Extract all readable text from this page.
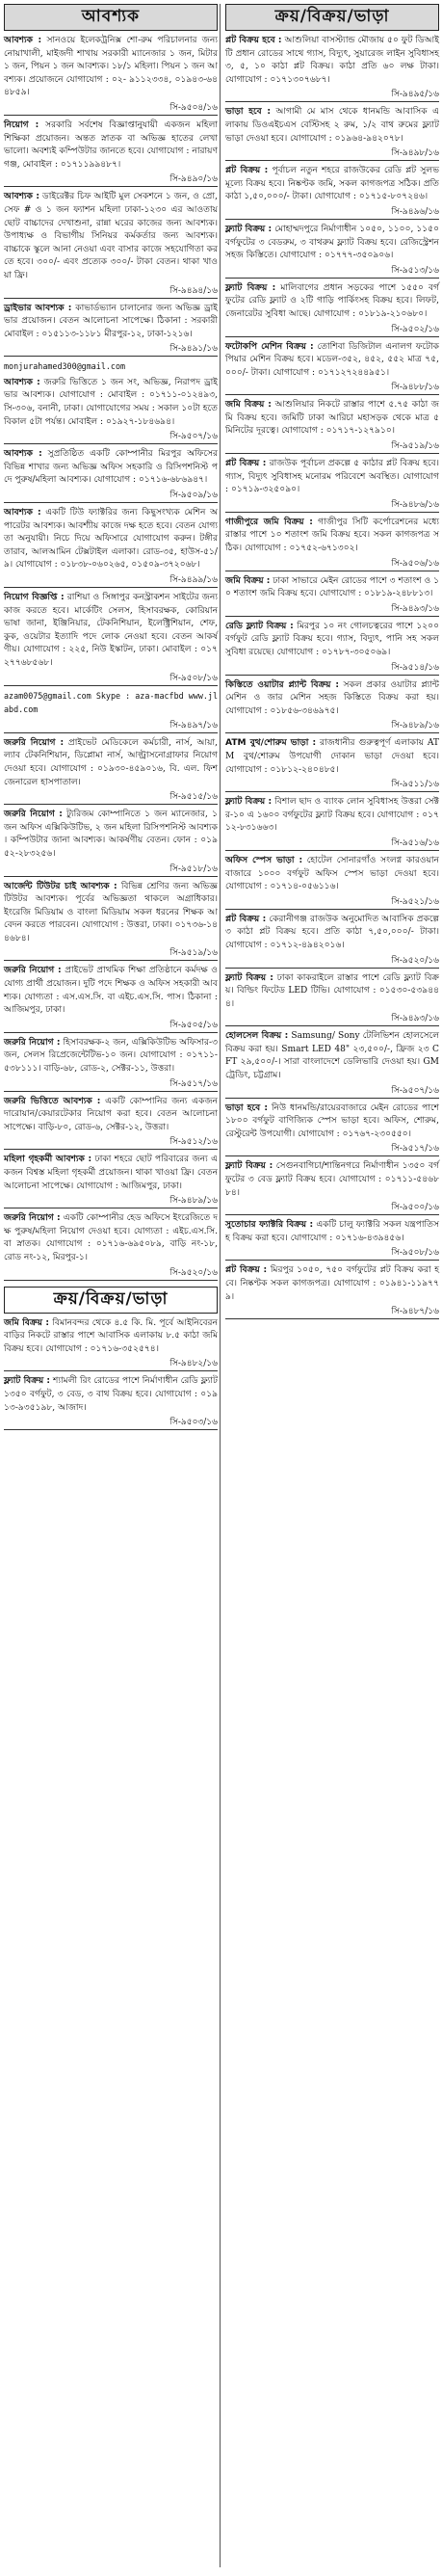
আবশ্যক

আবশ্যক : সানওয়ে ইলেকট্রনিক্স শো-রুম পরিচালনার জন্য নোয়াখালী, মাইজদী শাখায় সরকারী ম্যানেজার ১ জন, মিটার ১ জন, পিয়ন ১ জন আবশ্যক। ১৮/১ মহিলা। পিয়ন ১ জন আবশ্যক। প্রয়োজনে যোগাযোগ : ০২- ৯১১২৩৩৪, ০১৯৪৩-৬৪৪৮৫৯।

সি-৯৫০৪/১৬

নিয়োগ : সরকারি সর্বশেষ বিজ্ঞাপ্তানুযায়ী একজন মহিলা শিক্ষিকা প্রয়োজন। অন্তত স্নাতক বা অভিজ্ঞ হাতের লেখা ভালো। অবশ্যই কম্পিউটার জানতে হবে। যোগাযোগ : নারায়ণগঞ্জ, মোবাইল : ০১৭১১৯৯৪৮৭।

সি-৯৪৯০/১৬

আবশ্যক : ডাইরেক্টর চিফ আইটি মুল সেকশনে ১ জন, ও প্রো, সেফ # ও ১ জন ফ্যাশন মহিলা ঢাকা-১২৩০ এর আওতায় ছোট বাচ্চাদের দেখাশুনা, রান্না ঘরের কাজের জন্য আবশ্যক। উপাধ্যক্ষ ও বিভাগীয় সিনিয়র কর্মকর্তার জন্য আবশ্যক। বাচ্চাকে স্কুলে আনা নেওয়া এবং বাসার কাজে সহযোগিতা করতে হবে। ৩০০/- এবং প্রত্যেক ৩০০/- টাকা বেতন। থাকা খাওয়া ফ্রি।

সি-৯৪৯৪/১৬

ড্রাইভার আবশ্যক : কাভার্ডভ্যান চালানোর জন্য অভিজ্ঞ ড্রাইভার প্রয়োজন। বেতন আলোচনা সাপেক্ষে। ঠিকানা : সরকারী মোবাইল : ০১৫১১৩-১১৮১ মীরপুর-১২, ঢাকা-১২১৬।

সি-৯৪৯১/১৬

monjurahamed300@gmail.com

আবশ্যক : জরুরি ভিত্তিতে ১ জন সং, অভিজ্ঞ, নিরাপদ ড্রাইভার আবশ্যক। যোগাযোগ : মোবাইল : ০১৭১১-০১২৪৯৩, সি-৩০৬, বনানী, ঢাকা। যোগাযোগের সময় : সকাল ১০টা হতে বিকাল ৫টা পর্যন্ত। মোবাইল : ০১৯২৭-১৮৪৬৯৪।

সি-৯৫০৭/১৬

আবশ্যক : সুপ্রতিষ্ঠিত একটি কোম্পানীর মিরপুর অফিসের বিভিন্ন শাখার জন্য অভিজ্ঞ অফিস সহকারি ও রিসিপশনিস্ট পদে পুরুষ/মহিলা আবশ্যক। যোগাযোগ : ০১৭১৬-৬৮৬৯৪৭।

সি-৯৫০৯/১৬

আবশ্যক : একটি টিউ ফ্যাক্টরির জন্য কিছুসংখ্যক মেশিন অপারেটর আবশ্যক। আবশ্যীয় কাজে দক্ষ হতে হবে। বেতন যোগ্যতা অনুযায়ী। নিচে দিয়ে অফিসারে যোগাযোগ করুন। টঙ্গীর তারাব, আলআমিন টেক্সটাইল এলাকা। রোড-৩৫, হাউস-৫১/৯। যোগাযোগ : ০১৮৩৮-০৬০২৬৫, ০১৫০৯-৩৭২০৬৮।

সি-৯৪৯৯/১৬

নিয়োগ বিজ্ঞপ্তি : রাশিয়া ও সিঙ্গাপুর কনস্ট্রাকশন সাইটের জন্য কাজ করতে হবে। মার্কেটিং সেলস, হিসাবরক্ষক, কোরিয়ান ভাষা জানা, ইঞ্জিনিয়ার, টেকনিশিয়ান, ইলেক্ট্রিশিয়ান, শেফ, কুক, ওয়েটার ইত্যাদি পদে লোক নেওয়া হবে। বেতন আকর্ষণীয়। যোগাযোগ : ২২৫, নিউ ইস্কাটন, ঢাকা। মোবাইল : ০১৭২৭৭৬৮৫৬৮।

সি-৯৫০৮/১৬

azam0075@gmail.com Skype : aza-macfbd www.jlabd.com

সি-৯৪৯৭/১৬

জরুরি নিয়োগ : প্রাইভেট মেডিকেলে কর্মচারী, নার্স, আয়া, ল্যাব টেকনিশিয়ান, ডিপ্লোমা নার্স, আল্ট্রাসনোগ্রাফার নিয়োগ দেওয়া হবে। যোগাযোগ : ০১৯৩০-৪৫৯০১৬, বি. এল. ফিশ জেনারেল হাসপাতাল।

সি-৯৫১৫/১৬

জরুরি নিয়োগ : ট্যুরিজম কোম্পানিতে ১ জন ম্যানেজার, ১ জন অফিস এক্সিকিউটিভ, ২ জন মহিলা রিসিপশনিস্ট আবশ্যক। কম্পিউটার জানা আবশ্যক। আকর্ষণীয় বেতন। ফোন : ০১৯৫২-২৮৩২৫৬।

সি-৯৫১৮/১৬

আর্জেন্ট টিউটর চাই আবশ্যক : বিভিন্ন শ্রেণির জন্য অভিজ্ঞ টিউটর আবশ্যক। পূর্বের অভিজ্ঞতা থাকলে অগ্রাধিকার। ইংরেজি মিডিয়াম ও বাংলা মিডিয়াম সকল ধরনের শিক্ষক আবেদন করতে পারবেন। যোগাযোগ : উত্তরা, ঢাকা। ০১৭৩৬-১৪৪৬৮৪।

সি-৯৫১৯/১৬

জরুরি নিয়োগ : প্রাইভেট প্রাথমিক শিক্ষা প্রতিষ্ঠানে কর্মদক্ষ ও যোগ্য প্রার্থী প্রয়োজন। দুটি পদে শিক্ষক ও অফিস সহকারী আবশ্যক। যোগ্যতা : এস.এস.সি. বা এইচ.এস.সি. পাস। ঠিকানা : আজিমপুর, ঢাকা।

সি-৯৫০৫/১৬

জরুরি নিয়োগ : হিসাবরক্ষক-২ জন, এক্সিকিউটিভ অফিসার-৩ জন, সেলস রিপ্রেজেন্টেটিভ-১০ জন। যোগাযোগ : ০১৭১১-৫৩৮১১১। বাড়ি-৬৮, রোড-২, সেক্টর-১১, উত্তরা।

সি-৯৫১৭/১৬

জরুরি ভিত্তিতে আবশ্যক : একটি কোম্পানির জন্য একজন দারোয়ান/কেয়ারটেকার নিয়োগ করা হবে। বেতন আলোচনা সাপেক্ষে। বাড়ি-৮০, রোড-৬, সেক্টর-১২, উত্তরা।

সি-৯৫১২/১৬

মহিলা গৃহকর্মী আবশ্যক : ঢাকা শহরে ছোট পরিবারের জন্য একজন বিশ্বস্ত মহিলা গৃহকর্মী প্রয়োজন। থাকা খাওয়া ফ্রি। বেতন আলোচনা সাপেক্ষে। যোগাযোগ : আজিমপুর, ঢাকা।

সি-৯৪৮৯/১৬

জরুরি নিয়োগ : একটি কোম্পানীর হেড অফিসে ইংরেজিতে দক্ষ পুরুষ/মহিলা নিয়োগ দেওয়া হবে। যোগ্যতা : এইচ.এস.সি. বা স্নাতক। যোগাযোগ : ০১৭১৬-৬৯৫০৮৯, বাড়ি নং-১৮, রোড নং-১২, মিরপুর-১।

সি-৯৫২০/১৬
ক্রয়/বিক্রয়/ভাড়া

জমি বিক্রয় : বিমানবন্দর থেকে ৪.৫ কি. মি. পূর্বে আইনিবেরন বাড়ির নিকটে রাস্তার পাশে আবাসিক এলাকায় ৮.৫ কাঠা জমি বিক্রয় হবে। যোগাযোগ : ০১৭১৬-৩৫২৫৭৪।

সি-৯৪৮২/১৬

ফ্ল্যাট বিক্রয় : শ্যামলী রিং রোডের পাশে নির্মাণাধীন রেডি ফ্ল্যাট ১৩৫০ বর্গফুট, ৩ বেড, ৩ বাথ বিক্রয় হবে। যোগাযোগ : ০১৯১৩-৯৩৫১৯৮, আজাদ।

সি-৯৫০৩/১৬
ক্রয়/বিক্রয়/ভাড়া

প্লট বিক্রয় হবে : আশুলিয়া বাসস্ট্যান্ড মৌজায় ৫০ ফুট ডিআইটি প্রধান রোডের সাথে গ্যাস, বিদ্যুৎ, সুয়ারেজ লাইন সুবিধাসহ ৩, ৫, ১০ কাঠা প্লট বিক্রয়। কাঠা প্রতি ৬০ লক্ষ টাকা। যোগাযোগ : ০১৭১৩০৭৬৮৭।

সি-৯৪৯৫/১৬

ভাড়া হবে : আগামী মে মাস থেকে ধানমন্ডি আবাসিক এলাকায় ডিওএইচএস বেস্টিসহ ২ রুম, ১/২ বাথ রুমের ফ্ল্যাট ভাড়া দেওয়া হবে। যোগাযোগ : ০১৯৬৪-৯৪২০৭৮।

সি-৯৪৯৮/১৬

প্লট বিক্রয় : পূর্বাচল নতুন শহরে রাজউকের রেডি প্লট সুলভ মূল্যে বিক্রয় হবে। নিষ্কণ্টক জমি, সকল কাগজপত্র সঠিক। প্রতি কাঠা ১,৫০,০০০/- টাকা। যোগাযোগ : ০১৭১৫-৮০৭২৪৬।

সি-৯৪৯৬/১৬

ফ্ল্যাট বিক্রয় : মোহাম্মদপুরে নির্মাণাধীন ১০৫০, ১১০০, ১১৫০ বর্গফুটের ৩ বেডরুম, ৩ বাথরুম ফ্ল্যাট বিক্রয় হবে। রেজিস্ট্রেশন সহজ কিস্তিতে। যোগাযোগ : ০১৭৭৭-৩৫০৯০৬।

সি-৯৫১৩/১৬

ফ্ল্যাট বিক্রয় : মালিবাগের প্রধান সড়কের পাশে ১৫৫০ বর্গফুটের রেডি ফ্ল্যাট ও ২টি গাড়ি পার্কিংসহ বিক্রয় হবে। লিফট, জেনারেটর সুবিধা আছে। যোগাযোগ : ০১৮১৯-২১০৬৮০।

সি-৯৫০২/১৬

ফটোকপি মেশিন বিক্রয় : তোশিবা ডিজিটাল এনালগ ফটোকপিয়ার মেশিন বিক্রয় হবে। মডেল-৩৫২, ৪৫২, ৫৫২ মাত্র ৭৫,০০০/- টাকা। যোগাযোগ : ০১৭১২৭২৪৪৯৫১।

সি-৯৪৮৮/১৬

জমি বিক্রয় : আশুলিয়ার নিকটে রাস্তার পাশে ৫.৭৫ কাঠা জমি বিক্রয় হবে। জমিটি ঢাকা আরিচা মহাসড়ক থেকে মাত্র ৫ মিনিটের দূরত্বে। যোগাযোগ : ০১৭১৭-১২৭৯১০।

সি-৯৫১৯/১৬

প্লট বিক্রয় : রাজউক পূর্বাচল প্রকল্পে ৫ কাঠার প্লট বিক্রয় হবে। গ্যাস, বিদ্যুৎ সুবিধাসহ মনোরম পরিবেশে অবস্থিত। যোগাযোগ : ০১৭১৯-৩২৫০৯০।

সি-৯৪৮৬/১৬

গাজীপুরে জমি বিক্রয় : গাজীপুর সিটি কর্পোরেশনের মধ্যে রাস্তার পাশে ১০ শতাংশ জমি বিক্রয় হবে। সকল কাগজপত্র সঠিক। যোগাযোগ : ০১৭৫২-৬৭১৩০২।

সি-৯৫০৬/১৬

জমি বিক্রয় : ঢাকা সাভারে মেইন রোডের পাশে ৩ শতাংশ ও ১০ শতাংশ জমি বিক্রয় হবে। যোগাযোগ : ০১৮১৯-২৪৮৮১৩।

সি-৯৪৯৩/১৬

রেডি ফ্ল্যাট বিক্রয় : মিরপুর ১০ নং গোলচত্বরের পাশে ১২০০ বর্গফুট রেডি ফ্ল্যাট বিক্রয় হবে। গ্যাস, বিদ্যুৎ, পানি সহ সকল সুবিধা রয়েছে। যোগাযোগ : ০১৭৮৭-৩০৫০৬৯।

সি-৯৫১৪/১৬

কিস্তিতে ওয়াটার প্ল্যান্ট বিক্রয় : সকল প্রকার ওয়াটার প্ল্যান্ট মেশিন ও জার মেশিন সহজ কিস্তিতে বিক্রয় করা হয়। যোগাযোগ : ০১৮৫৬-৩৪৬৯৭৫।

সি-৯৪৮৯/১৬

ATM বুথ/শোরুম ভাড়া : রাজধানীর গুরুত্বপূর্ণ এলাকায় ATM বুথ/শোরুম উপযোগী দোকান ভাড়া দেওয়া হবে। যোগাযোগ : ০১৮১২-২৪০৪৮৫।

সি-৯৫১১/১৬

ফ্ল্যাট বিক্রয় : বিশাল ছাদ ও ব্যাংক লোন সুবিধাসহ উত্তরা সেক্টর-১০ এ ১৬০০ বর্গফুটের ফ্ল্যাট বিক্রয় হবে। যোগাযোগ : ০১৭১২-৮৩১৬৬৩।

সি-৯৫১৬/১৬

অফিস স্পেস ভাড়া : হোটেল সোনারগাঁও সংলগ্ন কারওয়ান বাজারে ১০০০ বর্গফুট অফিস স্পেস ভাড়া দেওয়া হবে। যোগাযোগ : ০১৭১৪-০৫৬১১৬।

সি-৯৫২১/১৬

প্লট বিক্রয় : কেরানীগঞ্জ রাজউক অনুমোদিত আবাসিক প্রকল্পে ৩ কাঠা প্লট বিক্রয় হবে। প্রতি কাঠা ৭,৫০,০০০/- টাকা। যোগাযোগ : ০১৭১২-৪৯৪২০১৬।

সি-৯৫২০/১৬

ফ্ল্যাট বিক্রয় : ঢাকা কাকরাইলে রাস্তার পাশে রেডি ফ্ল্যাট বিক্রয়। বিল্ডিং ফিটেড LED টিভি। যোগাযোগ : ০১৫৩০-৫৩৯৪৪৪।

সি-৯৪৯৩/১৬

হোলসেল বিক্রয় : Samsung/ Sony টেলিভিশন হোলসেলে বিক্রয় করা হয়। Smart LED 48" ২৩,৫০০/-, ফ্রিজ ২৩ CFT ২৯,৫০০/-। সারা বাংলাদেশে ডেলিভারি দেওয়া হয়। GM ট্রেডিং, চট্টগ্রাম।

সি-৯৫০৭/১৬

ভাড়া হবে : নিউ ধানমন্ডি/রায়েরবাজারে মেইন রোডের পাশে ১৮০০ বর্গফুট বাণিজ্যিক স্পেস ভাড়া হবে। অফিস, শোরুম, রেস্টুরেন্ট উপযোগী। যোগাযোগ : ০১৭৬৭-২৩০৫৫০।

সি-৯৫১৭/১৬

ফ্ল্যাট বিক্রয় : সেগুনবাগিচা/শান্তিনগরে নির্মাণাধীন ১৩৫০ বর্গফুটের ৩ বেড ফ্ল্যাট বিক্রয় হবে। যোগাযোগ : ০১৭১১-৫৪৬৮৮৪।

সি-৯৫০০/১৬

সুতোচার ফ্যাক্টরি বিক্রয় : একটি চালু ফ্যাক্টরি সকল যন্ত্রপাতিসহ বিক্রয় করা হবে। যোগাযোগ : ০১৭১৬-৪৩৯৪৫৬।

সি-৯৫০৮/১৬

প্লট বিক্রয় : মিরপুর ১০৫০, ৭৫০ বর্গফুটের প্লট বিক্রয় করা হবে। নিষ্কণ্টক সকল কাগজপত্র। যোগাযোগ : ০১৯৪১-১১৯৭৭৯।

সি-৯৪৮৭/১৬
